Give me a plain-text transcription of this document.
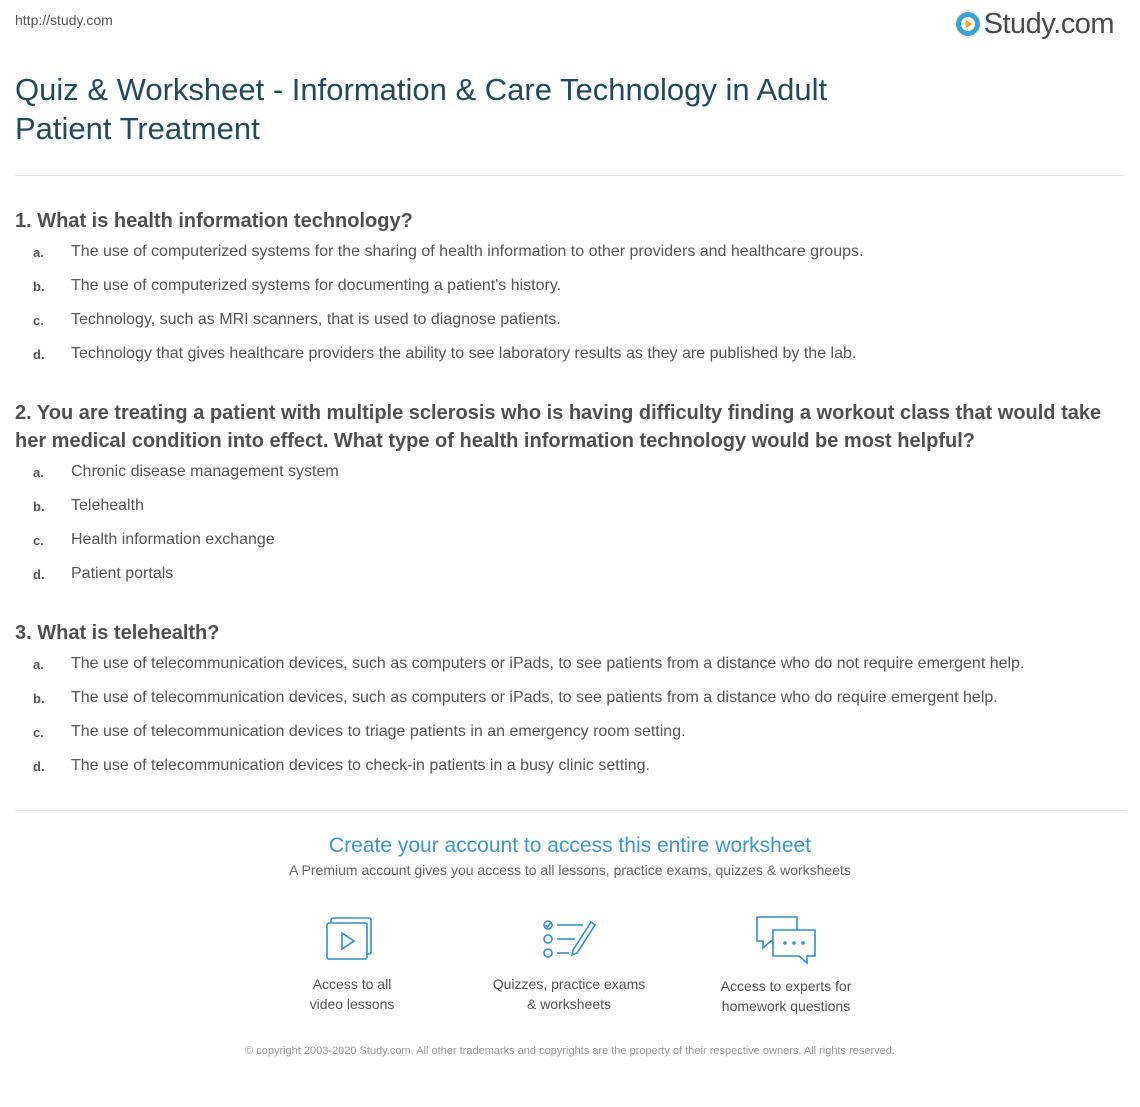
http://study.com	Study.com
Quiz & Worksheet - Information & Care Technology in Adult Patient Treatment

1. What is health information technology?

a.	The use of computerized systems for the sharing of health information to other providers and healthcare groups.
b.	The use of computerized systems for documenting a patient's history.
c.	Technology, such as MRI scanners, that is used to diagnose patients.
d.	Technology that gives healthcare providers the ability to see laboratory results as they are published by the lab.

2. You are treating a patient with multiple sclerosis who is having difficulty finding a workout class that would take her medical condition into effect. What type of health information technology would be most helpful?

a.	Chronic disease management system
b.	Telehealth
c.	Health information exchange
d.	Patient portals

3. What is telehealth?

a.	The use of telecommunication devices, such as computers or iPads, to see patients from a distance who do not require emergent help.
b.	The use of telecommunication devices, such as computers or iPads, to see patients from a distance who do require emergent help.
c.	The use of telecommunication devices to triage patients in an emergency room setting.
d.	The use of telecommunication devices to check-in patients in a busy clinic setting.
Create your account to access this entire worksheet
A Premium account gives you access to all lessons, practice exams, quizzes & worksheets
Access to all
video lessons
Quizzes, practice exams
& worksheets
Access to experts for
homework questions
© copyright 2003-2020 Study.com. All other trademarks and copyrights are the property of their respective owners. All rights reserved.
